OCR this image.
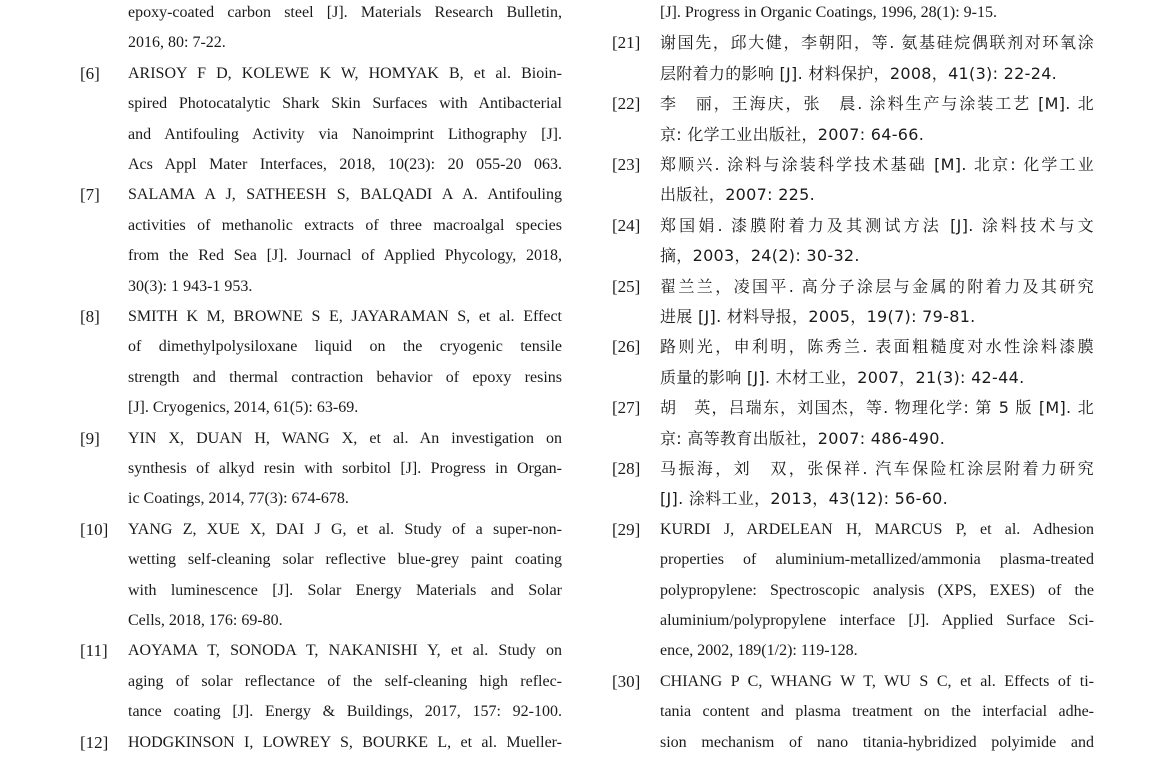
epoxy-coated carbon steel [J]. Materials Research Bulletin,
2016, 80: 7-22.
[6]	ARISOY F D, KOLEWE K W, HOMYAK B, et al. Bioin-
spired Photocatalytic Shark Skin Surfaces with Antibacterial
and Antifouling Activity via Nanoimprint Lithography [J].
Acs Appl Mater Interfaces, 2018, 10(23): 20 055-20 063.
[7]	SALAMA A J, SATHEESH S, BALQADI A A. Antifouling
activities of methanolic extracts of three macroalgal species
from the Red Sea [J]. Journacl of Applied Phycology, 2018,
30(3): 1 943-1 953.
[8]	SMITH K M, BROWNE S E, JAYARAMAN S, et al. Effect
of dimethylpolysiloxane liquid on the cryogenic tensile
strength and thermal contraction behavior of epoxy resins
[J]. Cryogenics, 2014, 61(5): 63-69.
[9]	YIN X, DUAN H, WANG X, et al. An investigation on
synthesis of alkyd resin with sorbitol [J]. Progress in Organ-
ic Coatings, 2014, 77(3): 674-678.
[10]	YANG Z, XUE X, DAI J G, et al. Study of a super-non-
wetting self-cleaning solar reflective blue-grey paint coating
with luminescence [J]. Solar Energy Materials and Solar
Cells, 2018, 176: 69-80.
[11]	AOYAMA T, SONODA T, NAKANISHI Y, et al. Study on
aging of solar reflectance of the self-cleaning high reflec-
tance coating [J]. Energy & Buildings, 2017, 157: 92-100.
[12]	HODGKINSON I, LOWREY S, BOURKE L, et al. Mueller-
[J]. Progress in Organic Coatings, 1996, 28(1): 9-15.
[21]	谢国先，邱大健，李朝阳，等. 氨基硅烷偶联剂对环氧涂
层附着力的影响 [J]. 材料保护，2008，41(3): 22-24.
[22]	李　丽，王海庆，张　晨. 涂料生产与涂装工艺 [M]. 北
京: 化学工业出版社，2007: 64-66.
[23]	郑顺兴. 涂料与涂装科学技术基础 [M]. 北京: 化学工业
出版社，2007: 225.
[24]	郑国娟. 漆膜附着力及其测试方法 [J]. 涂料技术与文
摘，2003，24(2): 30-32.
[25]	翟兰兰，凌国平. 高分子涂层与金属的附着力及其研究
进展 [J]. 材料导报，2005，19(7): 79-81.
[26]	路则光，申利明，陈秀兰. 表面粗糙度对水性涂料漆膜
质量的影响 [J]. 木材工业，2007，21(3): 42-44.
[27]	胡　英，吕瑞东，刘国杰，等. 物理化学: 第 5 版 [M]. 北
京: 高等教育出版社，2007: 486-490.
[28]	马振海，刘　双，张保祥. 汽车保险杠涂层附着力研究
[J]. 涂料工业，2013，43(12): 56-60.
[29]	KURDI J, ARDELEAN H, MARCUS P, et al. Adhesion
properties of aluminium-metallized/ammonia plasma-treated
polypropylene: Spectroscopic analysis (XPS, EXES) of the
aluminium/polypropylene interface [J]. Applied Surface Sci-
ence, 2002, 189(1/2): 119-128.
[30]	CHIANG P C, WHANG W T, WU S C, et al. Effects of ti-
tania content and plasma treatment on the interfacial adhe-
sion mechanism of nano titania-hybridized polyimide and
